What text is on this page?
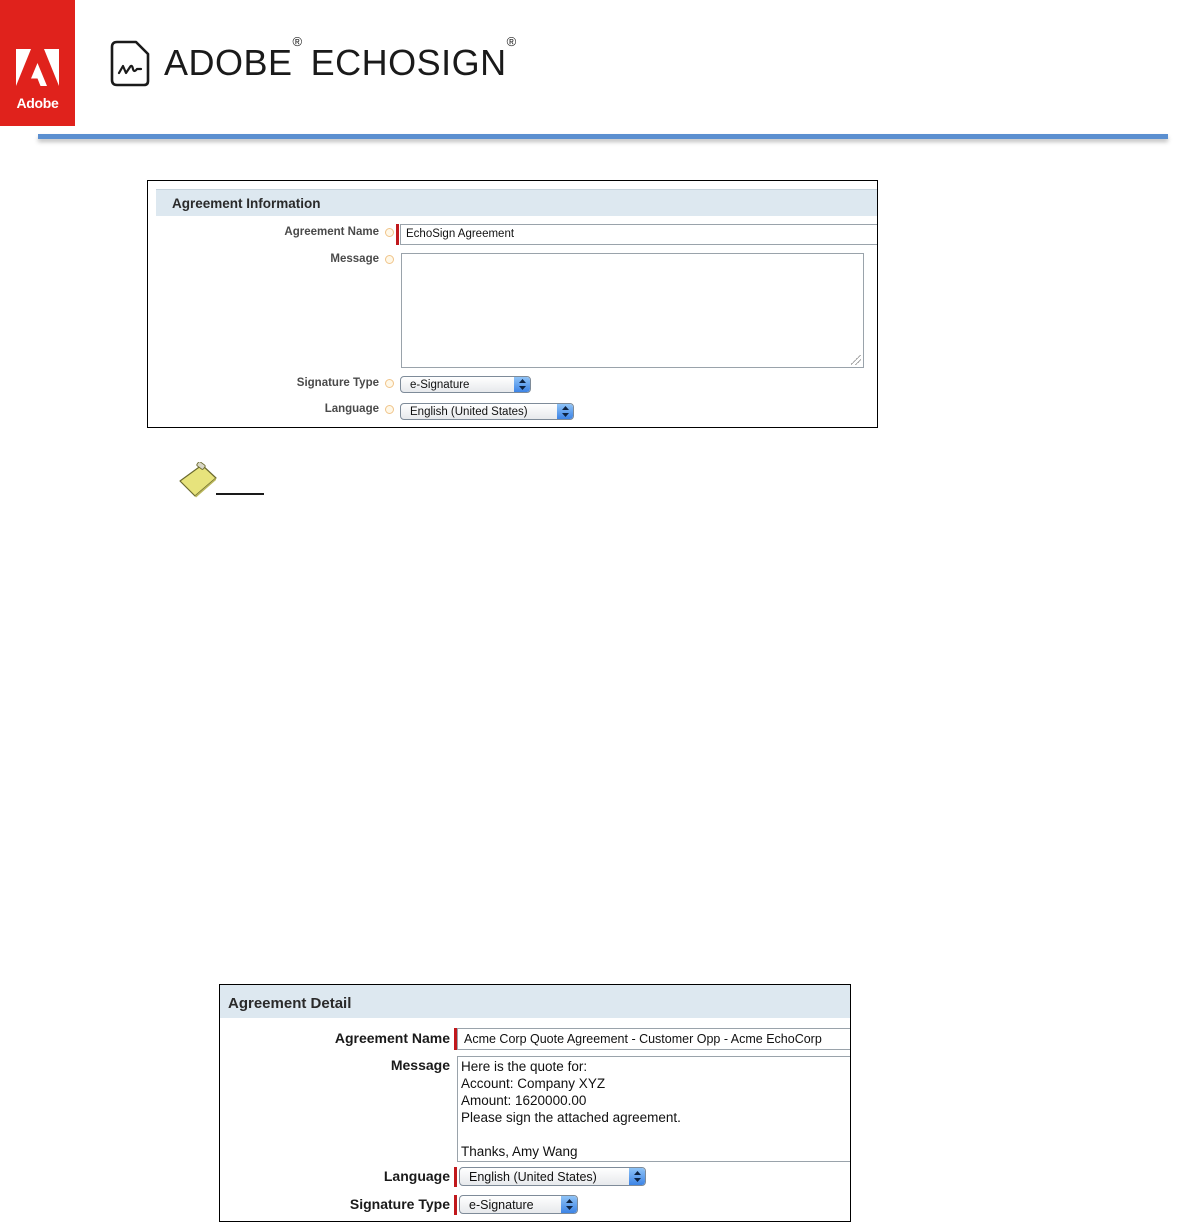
Adobe
ADOBE®ECHOSIGN®
Agreement Information
Agreement Name	EchoSign Agreement
Message
Signature Type	e-Signature
Language	English (United States)
Agreement Detail
Agreement Name	Acme Corp Quote Agreement - Customer Opp - Acme EchoCorp
Message Here is the quote for:
Account: Company XYZ
Amount: 1620000.00
Please sign the attached agreement.
Thanks, Amy Wang
Language	English (United States)
Signature Type	e-Signature
